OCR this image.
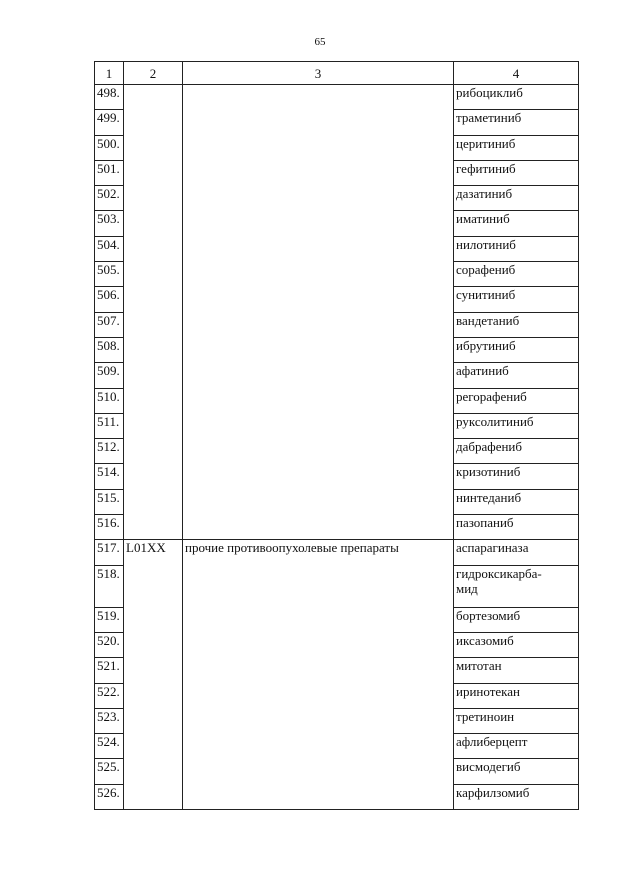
65
1	2	3	4
498.			рибоциклиб
499.			траметиниб
500.			церитиниб
501.			гефитиниб
502.			дазатиниб
503.			иматиниб
504.			нилотиниб
505.			сорафениб
506.			сунитиниб
507.			вандетаниб
508.			ибрутиниб
509.			афатиниб
510.			регорафениб
511.			руксолитиниб
512.			дабрафениб
514.			кризотиниб
515.			нинтеданиб
516.			пазопаниб
517.	L01XX	прочие противоопухолевые препараты	аспарагиназа
518.			гидроксикарба-
мид
519.			бортезомиб
520.			иксазомиб
521.			митотан
522.			иринотекан
523.			третиноин
524.			афлиберцепт
525.			висмодегиб
526.			карфилзомиб
